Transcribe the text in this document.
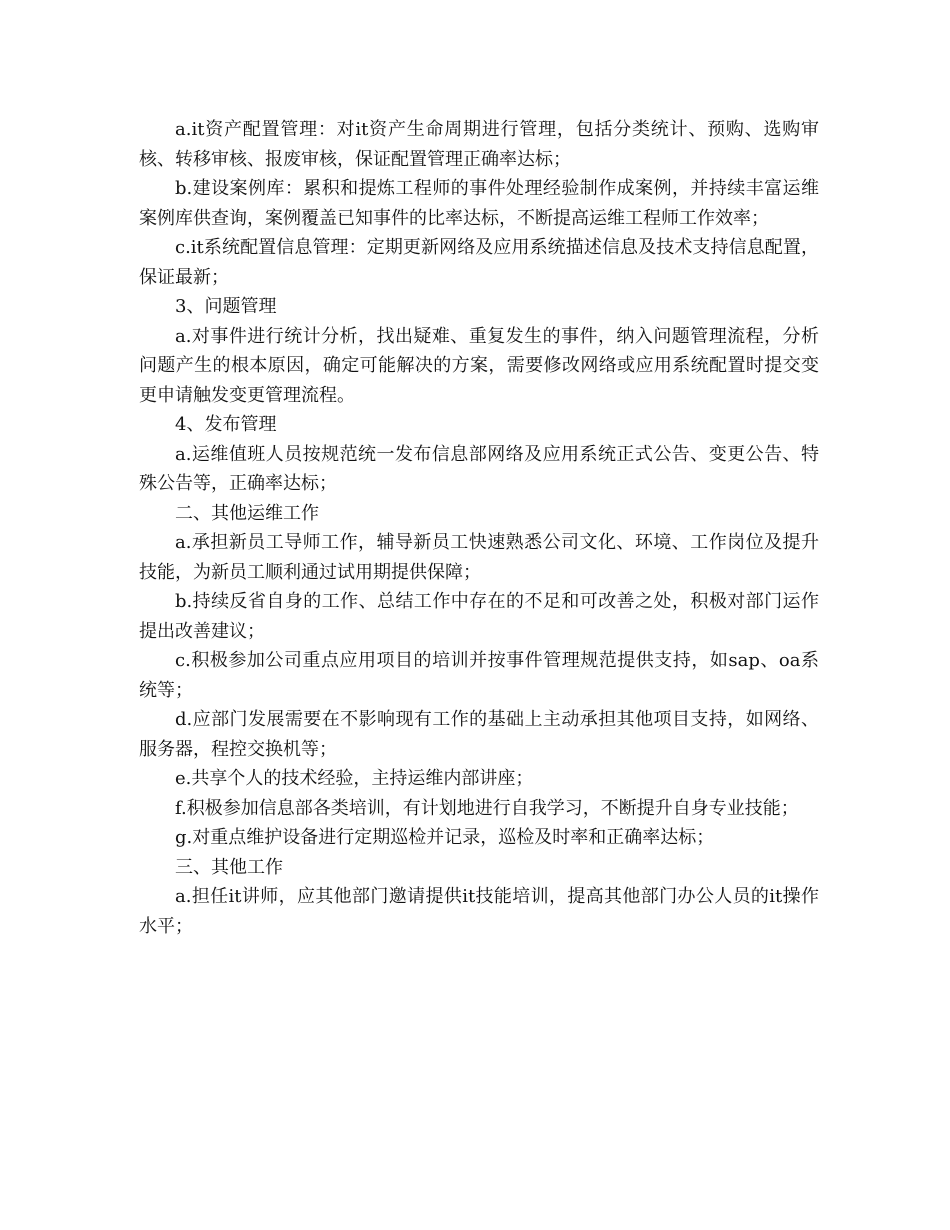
a.it资产配置管理：对it资产生命周期进行管理，包括分类统计、预购、选购审核、转移审核、报废审核，保证配置管理正确率达标；

b.建设案例库：累积和提炼工程师的事件处理经验制作成案例，并持续丰富运维案例库供查询，案例覆盖已知事件的比率达标，不断提高运维工程师工作效率；

c.it系统配置信息管理：定期更新网络及应用系统描述信息及技术支持信息配置，保证最新；

3、问题管理

a.对事件进行统计分析，找出疑难、重复发生的事件，纳入问题管理流程，分析问题产生的根本原因，确定可能解决的方案，需要修改网络或应用系统配置时提交变更申请触发变更管理流程。

4、发布管理

a.运维值班人员按规范统一发布信息部网络及应用系统正式公告、变更公告、特殊公告等，正确率达标；

二、其他运维工作

a.承担新员工导师工作，辅导新员工快速熟悉公司文化、环境、工作岗位及提升技能，为新员工顺利通过试用期提供保障；

b.持续反省自身的工作、总结工作中存在的不足和可改善之处，积极对部门运作提出改善建议；

c.积极参加公司重点应用项目的培训并按事件管理规范提供支持，如sap、oa系统等；

d.应部门发展需要在不影响现有工作的基础上主动承担其他项目支持，如网络、服务器，程控交换机等；

e.共享个人的技术经验，主持运维内部讲座；

f.积极参加信息部各类培训，有计划地进行自我学习，不断提升自身专业技能；

g.对重点维护设备进行定期巡检并记录，巡检及时率和正确率达标；

三、其他工作

a.担任it讲师，应其他部门邀请提供it技能培训，提高其他部门办公人员的it操作水平；
